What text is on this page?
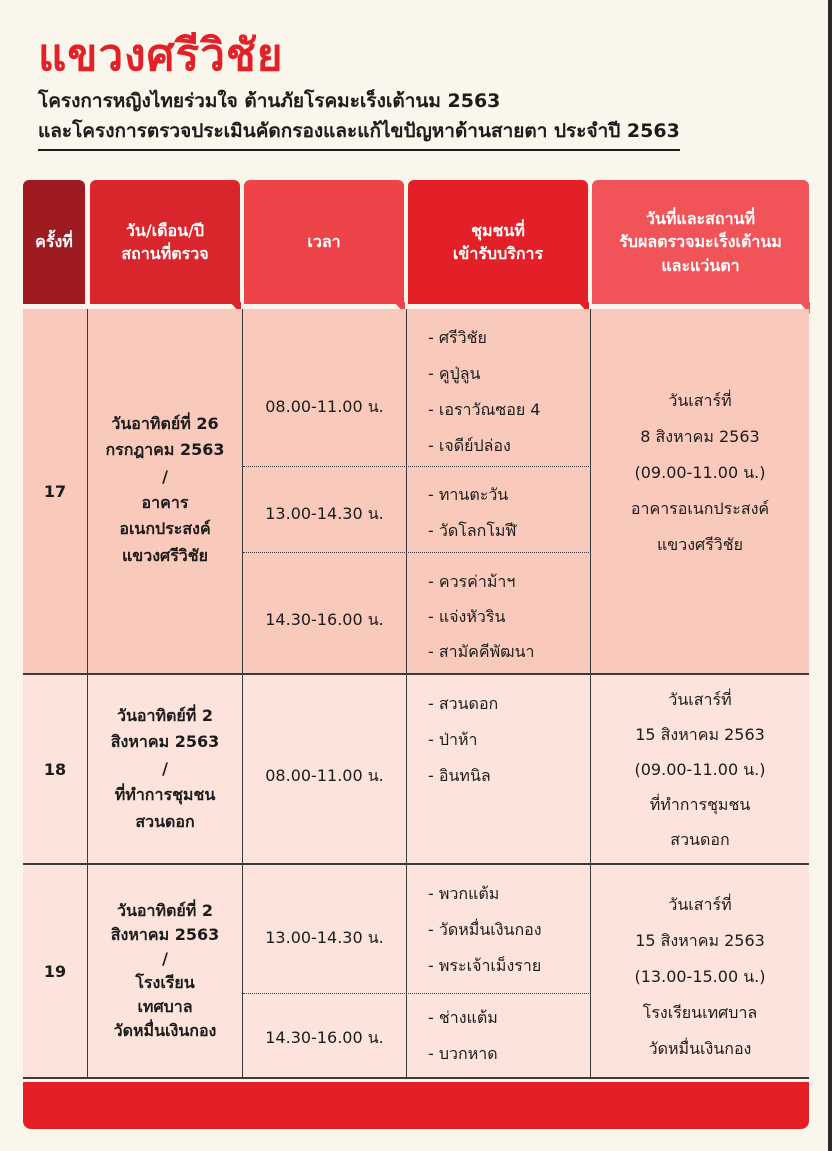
แขวงศรีวิชัย
โครงการหญิงไทยร่วมใจ ต้านภัยโรคมะเร็งเต้านม 2563
และโครงการตรวจประเมินคัดกรองและแก้ไขปัญหาด้านสายตา ประจำปี 2563
ครั้งที่
วัน/เดือน/ปี
สถานที่ตรวจ
เวลา
ชุมชนที่
เข้ารับบริการ
วันที่และสถานที่
รับผลตรวจมะเร็งเต้านม
และแว่นตา
17
วันอาทิตย์ที่ 26
กรกฎาคม 2563
/
อาคาร
อเนกประสงค์
แขวงศรีวิชัย
08.00-11.00 น.
13.00-14.30 น.
14.30-16.00 น.
- ศรีวิชัย
- คูปู่ลูน
- เอราวัณซอย 4
- เจดีย์ปล่อง
- ทานตะวัน
- วัดโลกโมฬี
- ควรค่าม้าฯ
- แจ่งหัวริน
- สามัคคีพัฒนา
วันเสาร์ที่
8 สิงหาคม 2563
(09.00-11.00 น.)
อาคารอเนกประสงค์
แขวงศรีวิชัย
18
วันอาทิตย์ที่ 2
สิงหาคม 2563
/
ที่ทำการชุมชน
สวนดอก
08.00-11.00 น.
- สวนดอก
- ป่าห้า
- อินทนิล
วันเสาร์ที่
15 สิงหาคม 2563
(09.00-11.00 น.)
ที่ทำการชุมชน
สวนดอก
19
วันอาทิตย์ที่ 2
สิงหาคม 2563
/
โรงเรียน
เทศบาล
วัดหมื่นเงินกอง
13.00-14.30 น.
14.30-16.00 น.
- พวกแต้ม
- วัดหมื่นเงินกอง
- พระเจ้าเม็งราย
- ช่างแต้ม
- บวกหาด
วันเสาร์ที่
15 สิงหาคม 2563
(13.00-15.00 น.)
โรงเรียนเทศบาล
วัดหมื่นเงินกอง
